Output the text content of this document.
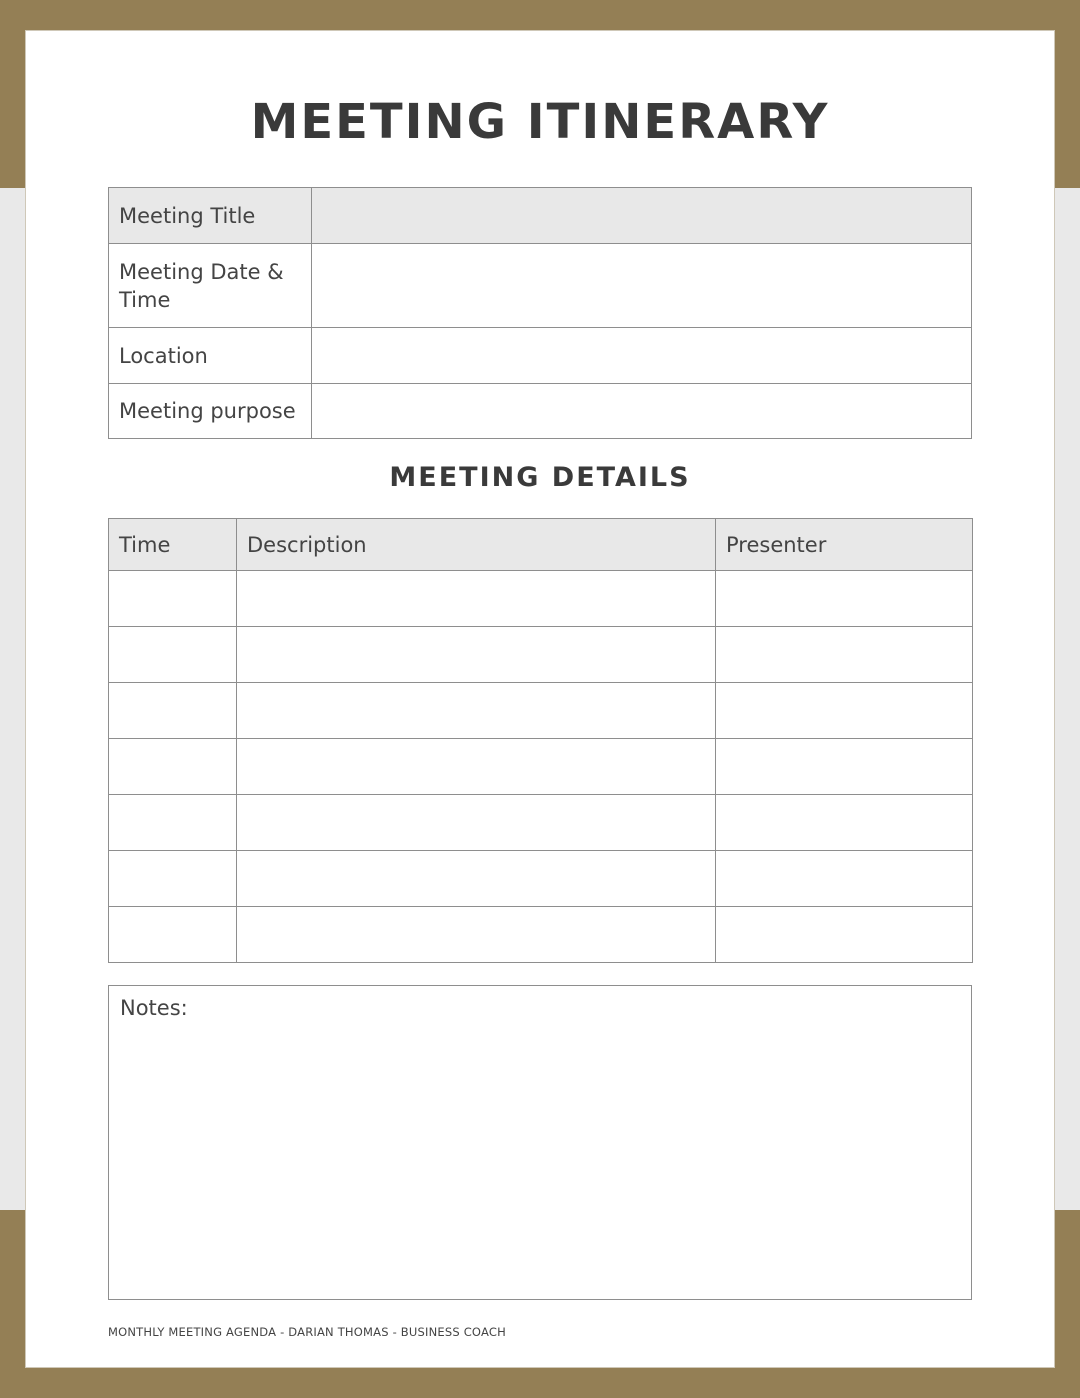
MEETING ITINERARY
Meeting Title	
Meeting Date & Time	
Location	
Meeting purpose	
MEETING DETAILS
Time	Description	Presenter

Notes:
MONTHLY MEETING AGENDA - DARIAN THOMAS - BUSINESS COACH
